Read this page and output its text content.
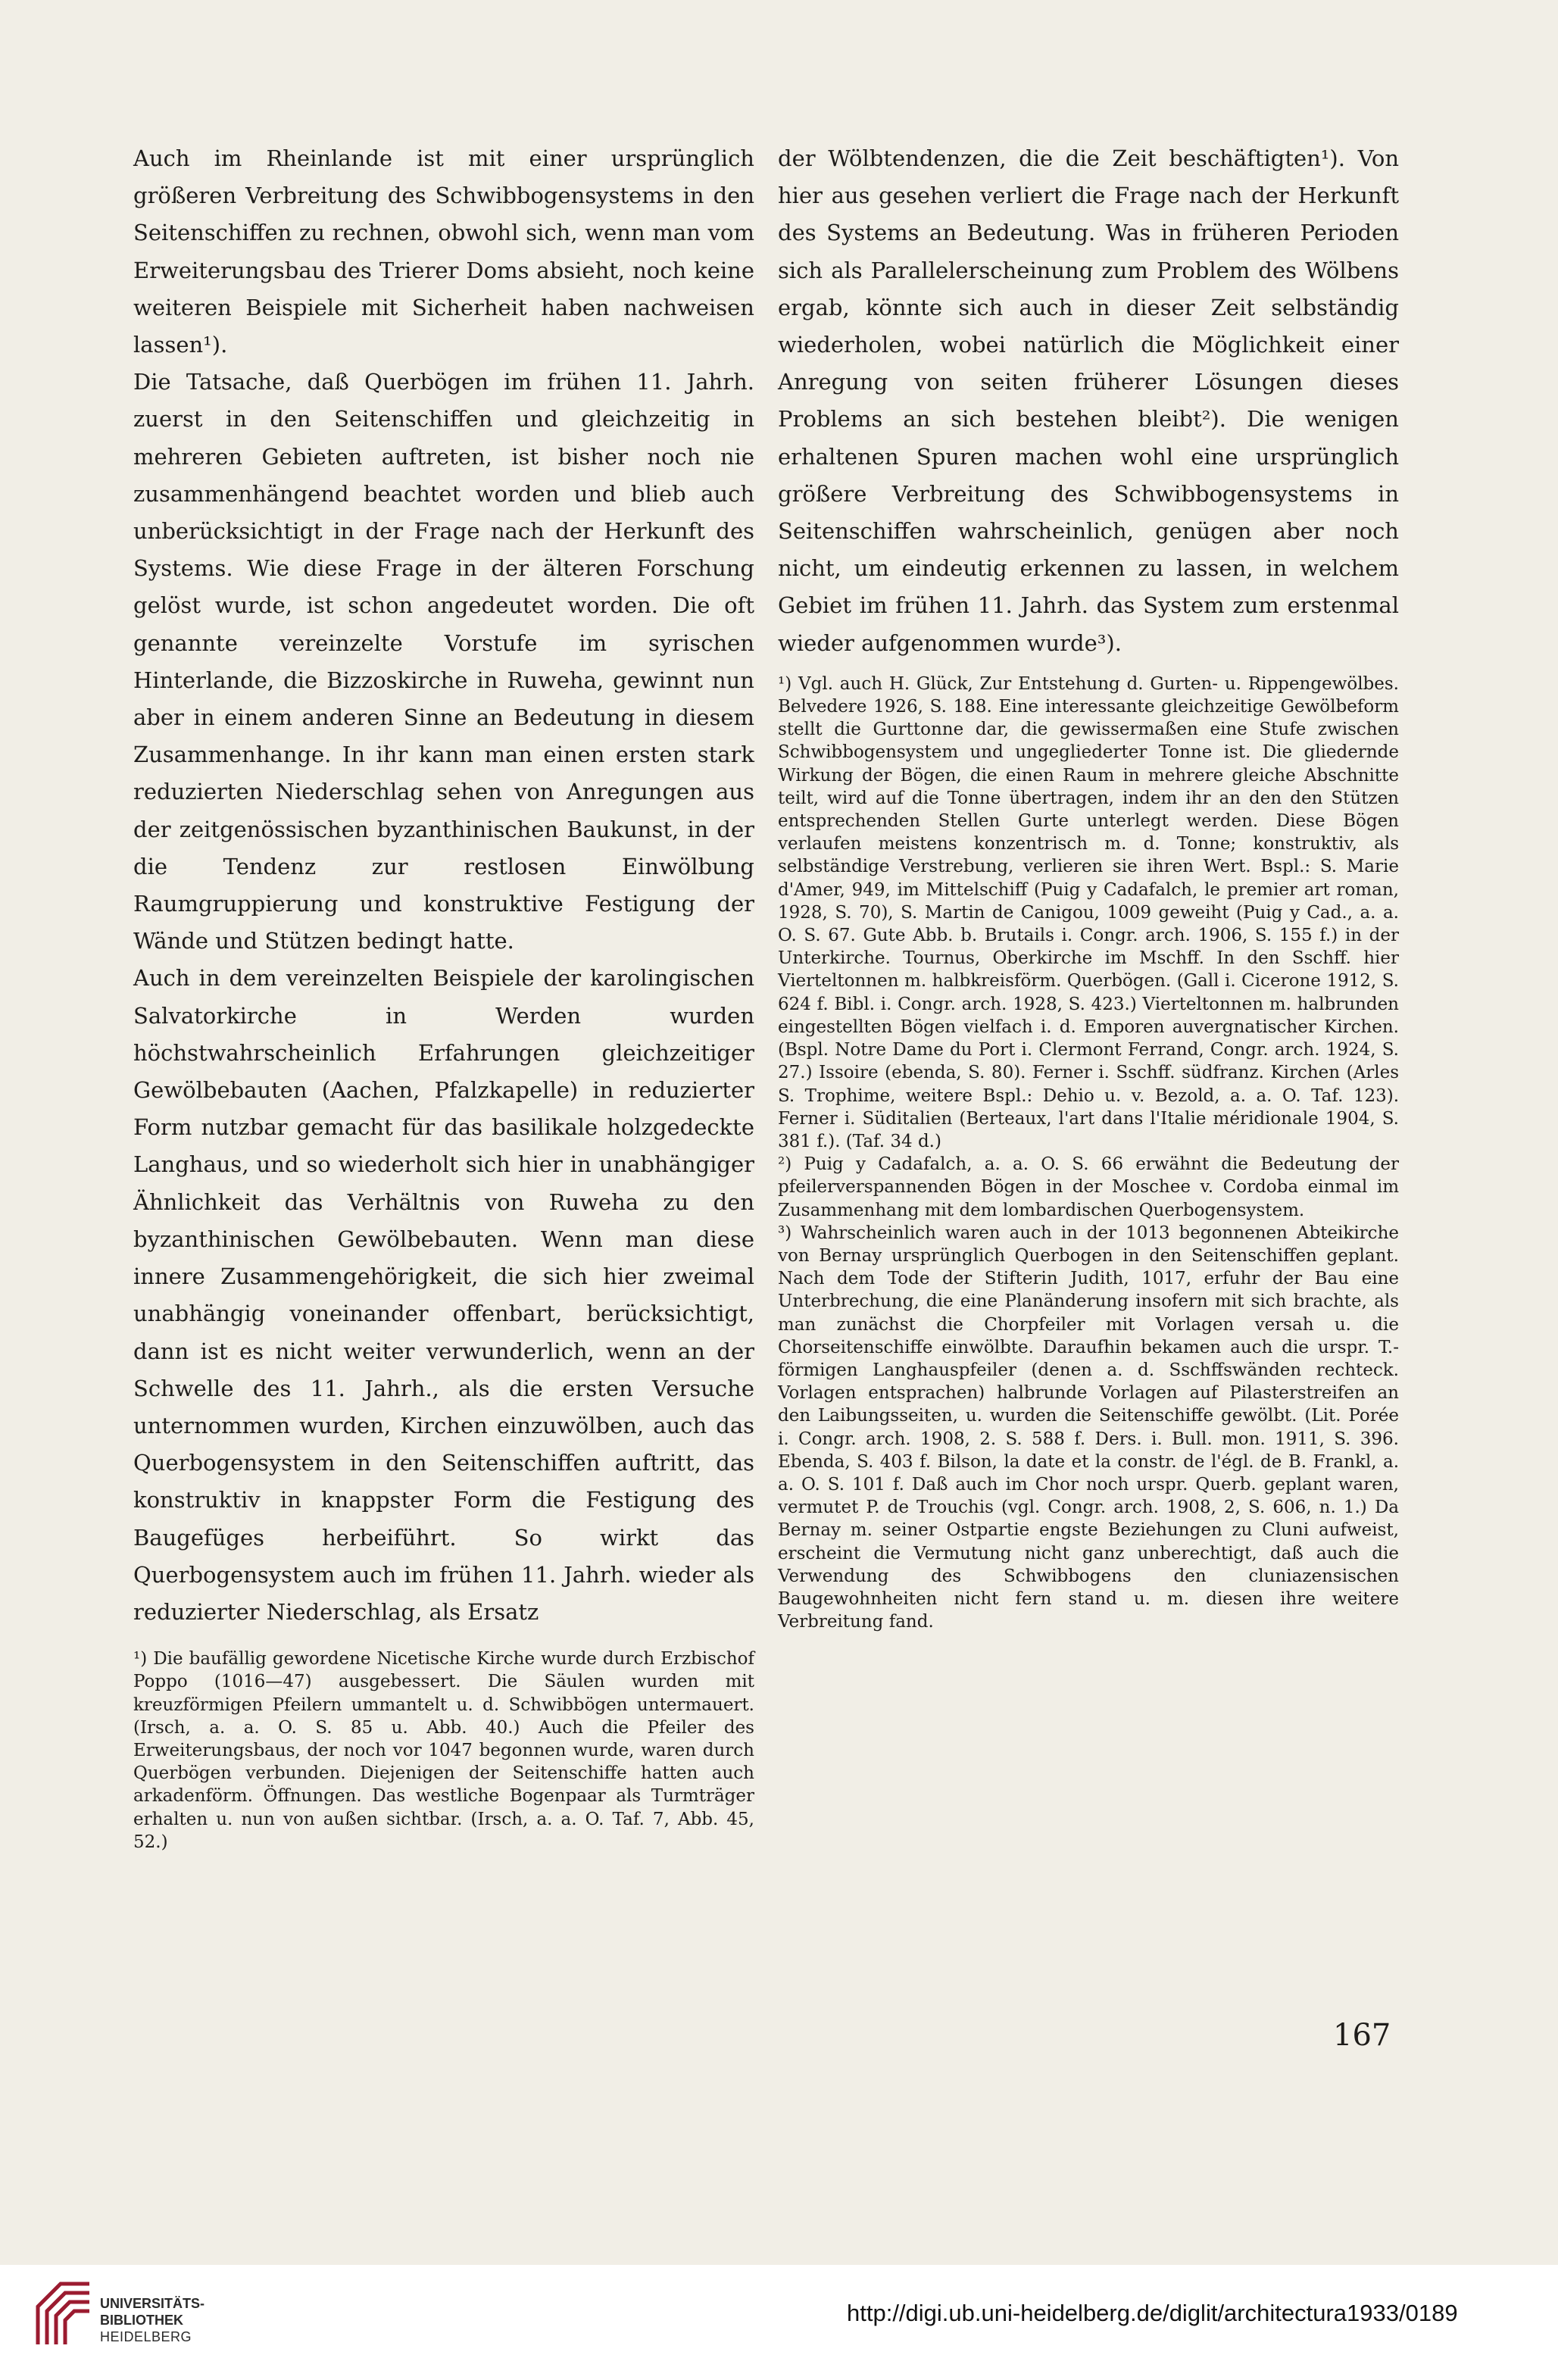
Auch im Rheinlande ist mit einer ursprünglich größeren Verbreitung des Schwibbogensystems in den Seitenschiffen zu rechnen, obwohl sich, wenn man vom Erweiterungsbau des Trierer Doms absieht, noch keine weiteren Beispiele mit Sicherheit haben nachweisen lassen¹).

Die Tatsache, daß Querbögen im frühen 11. Jahrh. zuerst in den Seitenschiffen und gleichzeitig in mehreren Gebieten auftreten, ist bisher noch nie zusammenhängend beachtet worden und blieb auch unberücksichtigt in der Frage nach der Herkunft des Systems. Wie diese Frage in der älteren Forschung gelöst wurde, ist schon angedeutet worden. Die oft genannte vereinzelte Vorstufe im syrischen Hinterlande, die Bizzoskirche in Ruweha, gewinnt nun aber in einem anderen Sinne an Bedeutung in diesem Zusammenhange. In ihr kann man einen ersten stark reduzierten Niederschlag sehen von Anregungen aus der zeitgenössischen byzanthinischen Baukunst, in der die Tendenz zur restlosen Einwölbung Raumgruppierung und konstruktive Festigung der Wände und Stützen bedingt hatte.

Auch in dem vereinzelten Beispiele der karolingischen Salvatorkirche in Werden wurden höchstwahrscheinlich Erfahrungen gleichzeitiger Gewölbebauten (Aachen, Pfalzkapelle) in reduzierter Form nutzbar gemacht für das basilikale holzgedeckte Langhaus, und so wiederholt sich hier in unabhängiger Ähnlichkeit das Verhältnis von Ruweha zu den byzanthinischen Gewölbebauten. Wenn man diese innere Zusammengehörigkeit, die sich hier zweimal unabhängig voneinander offenbart, berücksichtigt, dann ist es nicht weiter verwunderlich, wenn an der Schwelle des 11. Jahrh., als die ersten Versuche unternommen wurden, Kirchen einzuwölben, auch das Querbogensystem in den Seitenschiffen auftritt, das konstruktiv in knappster Form die Festigung des Baugefüges herbeiführt. So wirkt das Querbogensystem auch im frühen 11. Jahrh. wieder als reduzierter Niederschlag, als Ersatz

¹) Die baufällig gewordene Nicetische Kirche wurde durch Erzbischof Poppo (1016—47) ausgebessert. Die Säulen wurden mit kreuzförmigen Pfeilern ummantelt u. d. Schwibbögen untermauert. (Irsch, a. a. O. S. 85 u. Abb. 40.) Auch die Pfeiler des Erweiterungsbaus, der noch vor 1047 begonnen wurde, waren durch Querbögen verbunden. Diejenigen der Seitenschiffe hatten auch arkadenförm. Öffnungen. Das westliche Bogenpaar als Turmträger erhalten u. nun von außen sichtbar. (Irsch, a. a. O. Taf. 7, Abb. 45, 52.)

der Wölbtendenzen, die die Zeit beschäftigten¹). Von hier aus gesehen verliert die Frage nach der Herkunft des Systems an Bedeutung. Was in früheren Perioden sich als Parallelerscheinung zum Problem des Wölbens ergab, könnte sich auch in dieser Zeit selbständig wiederholen, wobei natürlich die Möglichkeit einer Anregung von seiten früherer Lösungen dieses Problems an sich bestehen bleibt²). Die wenigen erhaltenen Spuren machen wohl eine ursprünglich größere Verbreitung des Schwibbogensystems in Seitenschiffen wahrscheinlich, genügen aber noch nicht, um eindeutig erkennen zu lassen, in welchem Gebiet im frühen 11. Jahrh. das System zum erstenmal wieder aufgenommen wurde³).

¹) Vgl. auch H. Glück, Zur Entstehung d. Gurten- u. Rippengewölbes. Belvedere 1926, S. 188. Eine interessante gleichzeitige Gewölbeform stellt die Gurttonne dar, die gewissermaßen eine Stufe zwischen Schwibbogensystem und ungegliederter Tonne ist. Die gliedernde Wirkung der Bögen, die einen Raum in mehrere gleiche Abschnitte teilt, wird auf die Tonne übertragen, indem ihr an den den Stützen entsprechenden Stellen Gurte unterlegt werden. Diese Bögen verlaufen meistens konzentrisch m. d. Tonne; konstruktiv, als selbständige Verstrebung, verlieren sie ihren Wert. Bspl.: S. Marie d'Amer, 949, im Mittelschiff (Puig y Cadafalch, le premier art roman, 1928, S. 70), S. Martin de Canigou, 1009 geweiht (Puig y Cad., a. a. O. S. 67. Gute Abb. b. Brutails i. Congr. arch. 1906, S. 155 f.) in der Unterkirche. Tournus, Oberkirche im Mschff. In den Sschff. hier Vierteltonnen m. halbkreisförm. Querbögen. (Gall i. Cicerone 1912, S. 624 f. Bibl. i. Congr. arch. 1928, S. 423.) Vierteltonnen m. halbrunden eingestellten Bögen vielfach i. d. Emporen auvergnatischer Kirchen. (Bspl. Notre Dame du Port i. Clermont Ferrand, Congr. arch. 1924, S. 27.) Issoire (ebenda, S. 80). Ferner i. Sschff. südfranz. Kirchen (Arles S. Trophime, weitere Bspl.: Dehio u. v. Bezold, a. a. O. Taf. 123). Ferner i. Süditalien (Berteaux, l'art dans l'Italie méridionale 1904, S. 381 f.). (Taf. 34 d.)

²) Puig y Cadafalch, a. a. O. S. 66 erwähnt die Bedeutung der pfeilerverspannenden Bögen in der Moschee v. Cordoba einmal im Zusammenhang mit dem lombardischen Querbogensystem.

³) Wahrscheinlich waren auch in der 1013 begonnenen Abteikirche von Bernay ursprünglich Querbogen in den Seitenschiffen geplant. Nach dem Tode der Stifterin Judith, 1017, erfuhr der Bau eine Unterbrechung, die eine Planänderung insofern mit sich brachte, als man zunächst die Chorpfeiler mit Vorlagen versah u. die Chorseitenschiffe einwölbte. Daraufhin bekamen auch die urspr. T.-förmigen Langhauspfeiler (denen a. d. Sschffswänden rechteck. Vorlagen entsprachen) halbrunde Vorlagen auf Pilasterstreifen an den Laibungsseiten, u. wurden die Seitenschiffe gewölbt. (Lit. Porée i. Congr. arch. 1908, 2. S. 588 f. Ders. i. Bull. mon. 1911, S. 396. Ebenda, S. 403 f. Bilson, la date et la constr. de l'égl. de B. Frankl, a. a. O. S. 101 f. Daß auch im Chor noch urspr. Querb. geplant waren, vermutet P. de Trouchis (vgl. Congr. arch. 1908, 2, S. 606, n. 1.) Da Bernay m. seiner Ostpartie engste Beziehungen zu Cluni aufweist, erscheint die Vermutung nicht ganz unberechtigt, daß auch die Verwendung des Schwibbogens den cluniazensischen Baugewohnheiten nicht fern stand u. m. diesen ihre weitere Verbreitung fand.

167
UNIVERSITÄTS-
BIBLIOTHEK
HEIDELBERG
http://digi.ub.uni-heidelberg.de/diglit/architectura1933/0189
